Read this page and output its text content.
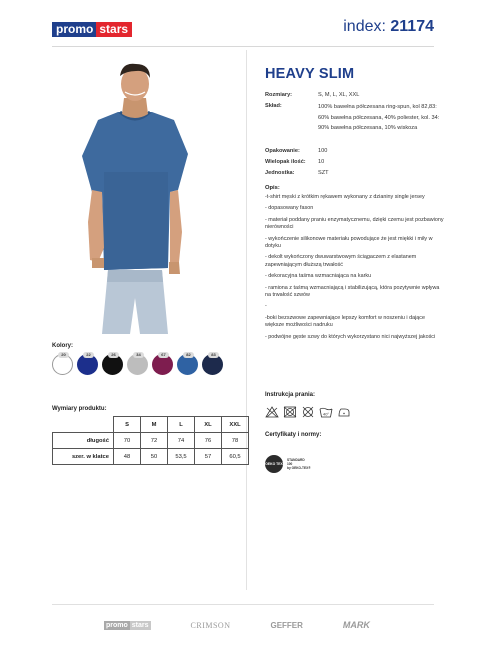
promo stars	index: 21174
HEAVY SLIM
Rozmiary:	S, M, L, XL, XXL
Skład:	100% bawełna półczesana ring-spun, kol 82,83: 60% bawełna półczesana, 40% poliester, kol. 34: 90% bawełna półczesana, 10% wiskoza
Opakowanie:	100
Wielopak ilość:	10
Jednostka:	SZT
Opis:

-t-shirt męski z krótkim rękawem wykonany z dzianiny single jersey

- dopasowany fason

- materiał poddany praniu enzymatycznemu, dzięki czemu jest pozbawiony nierówności

- wykończenie silikonowe materiału powodujące że jest miękki i miły w dotyku

- dekolt wykończony dwuwarstwowym ściągaczem z elastanem zapewniającym dłuższą trwałość

- dekoracyjna taśma wzmacniająca na karku

- ramiona z taśmą wzmacniającą i stabilizującą, która pozytywnie wpływa na trwałość szwów

-

-boki bezszwowe zapewniające lepszy komfort w noszeniu i dające większe możliwości nadruku

- podwójne gęste szwy do których wykorzystano nici najwyższej jakości

Instrukcja prania:
40°
Certyfikaty i normy:
OEKO TEX
STANDARD
100
by OEKO-TEX®
Kolory:
20	22	26	34	67	82	83
Wymiary produktu:
	S	M	L	XL	XXL
długość	70	72	74	76	78
szer. w klatce	48	50	53,5	57	60,5
promo stars	CRIMSON	GEFFER	MARK
